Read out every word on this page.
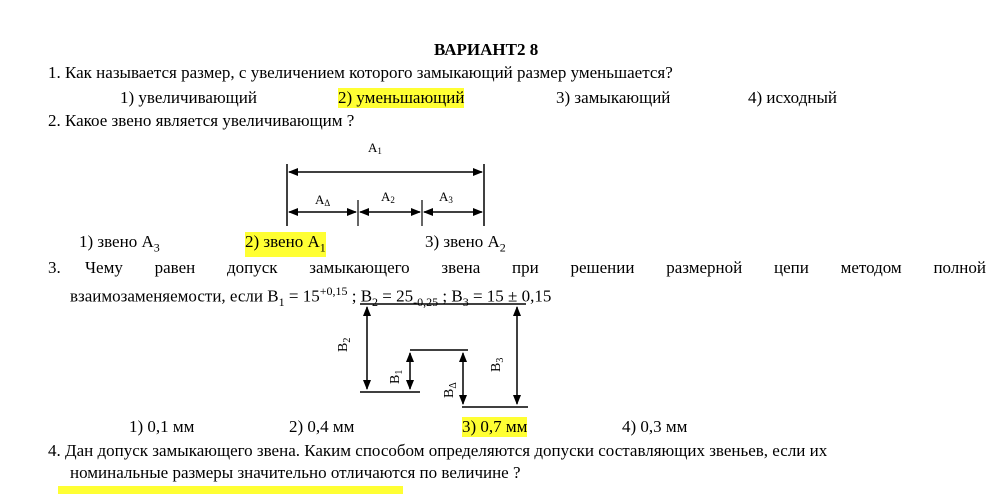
ВАРИАНТ2 8
1. Как называется размер, с увеличением которого замыкающий размер уменьшается?
1) увеличивающий	2) уменьшающий	3) замыкающий	4) исходный
2. Какое звено является увеличивающим ?
A1
AΔ	A2	A3
$B_2$
$B_1$
$B_\Delta$
$B_3$
1) звено $А_3$	2) звено $А_1$	3) звено $А_2$
3. Чему равен допуск замыкающего звена при решении размерной цепи методом полной
взаимозаменяемости, если $В_1 = 15^{+0,15}$ ; $В_2 = 25_{-0,25}$ ; $В_3 = 15 \pm 0,15$
1) 0,1 мм	2) 0,4 мм	3) 0,7 мм	4) 0,3 мм
4. Дан допуск замыкающего звена. Каким способом определяются допуски составляющих звеньев, если их
номинальные размеры значительно отличаются по величине ?
